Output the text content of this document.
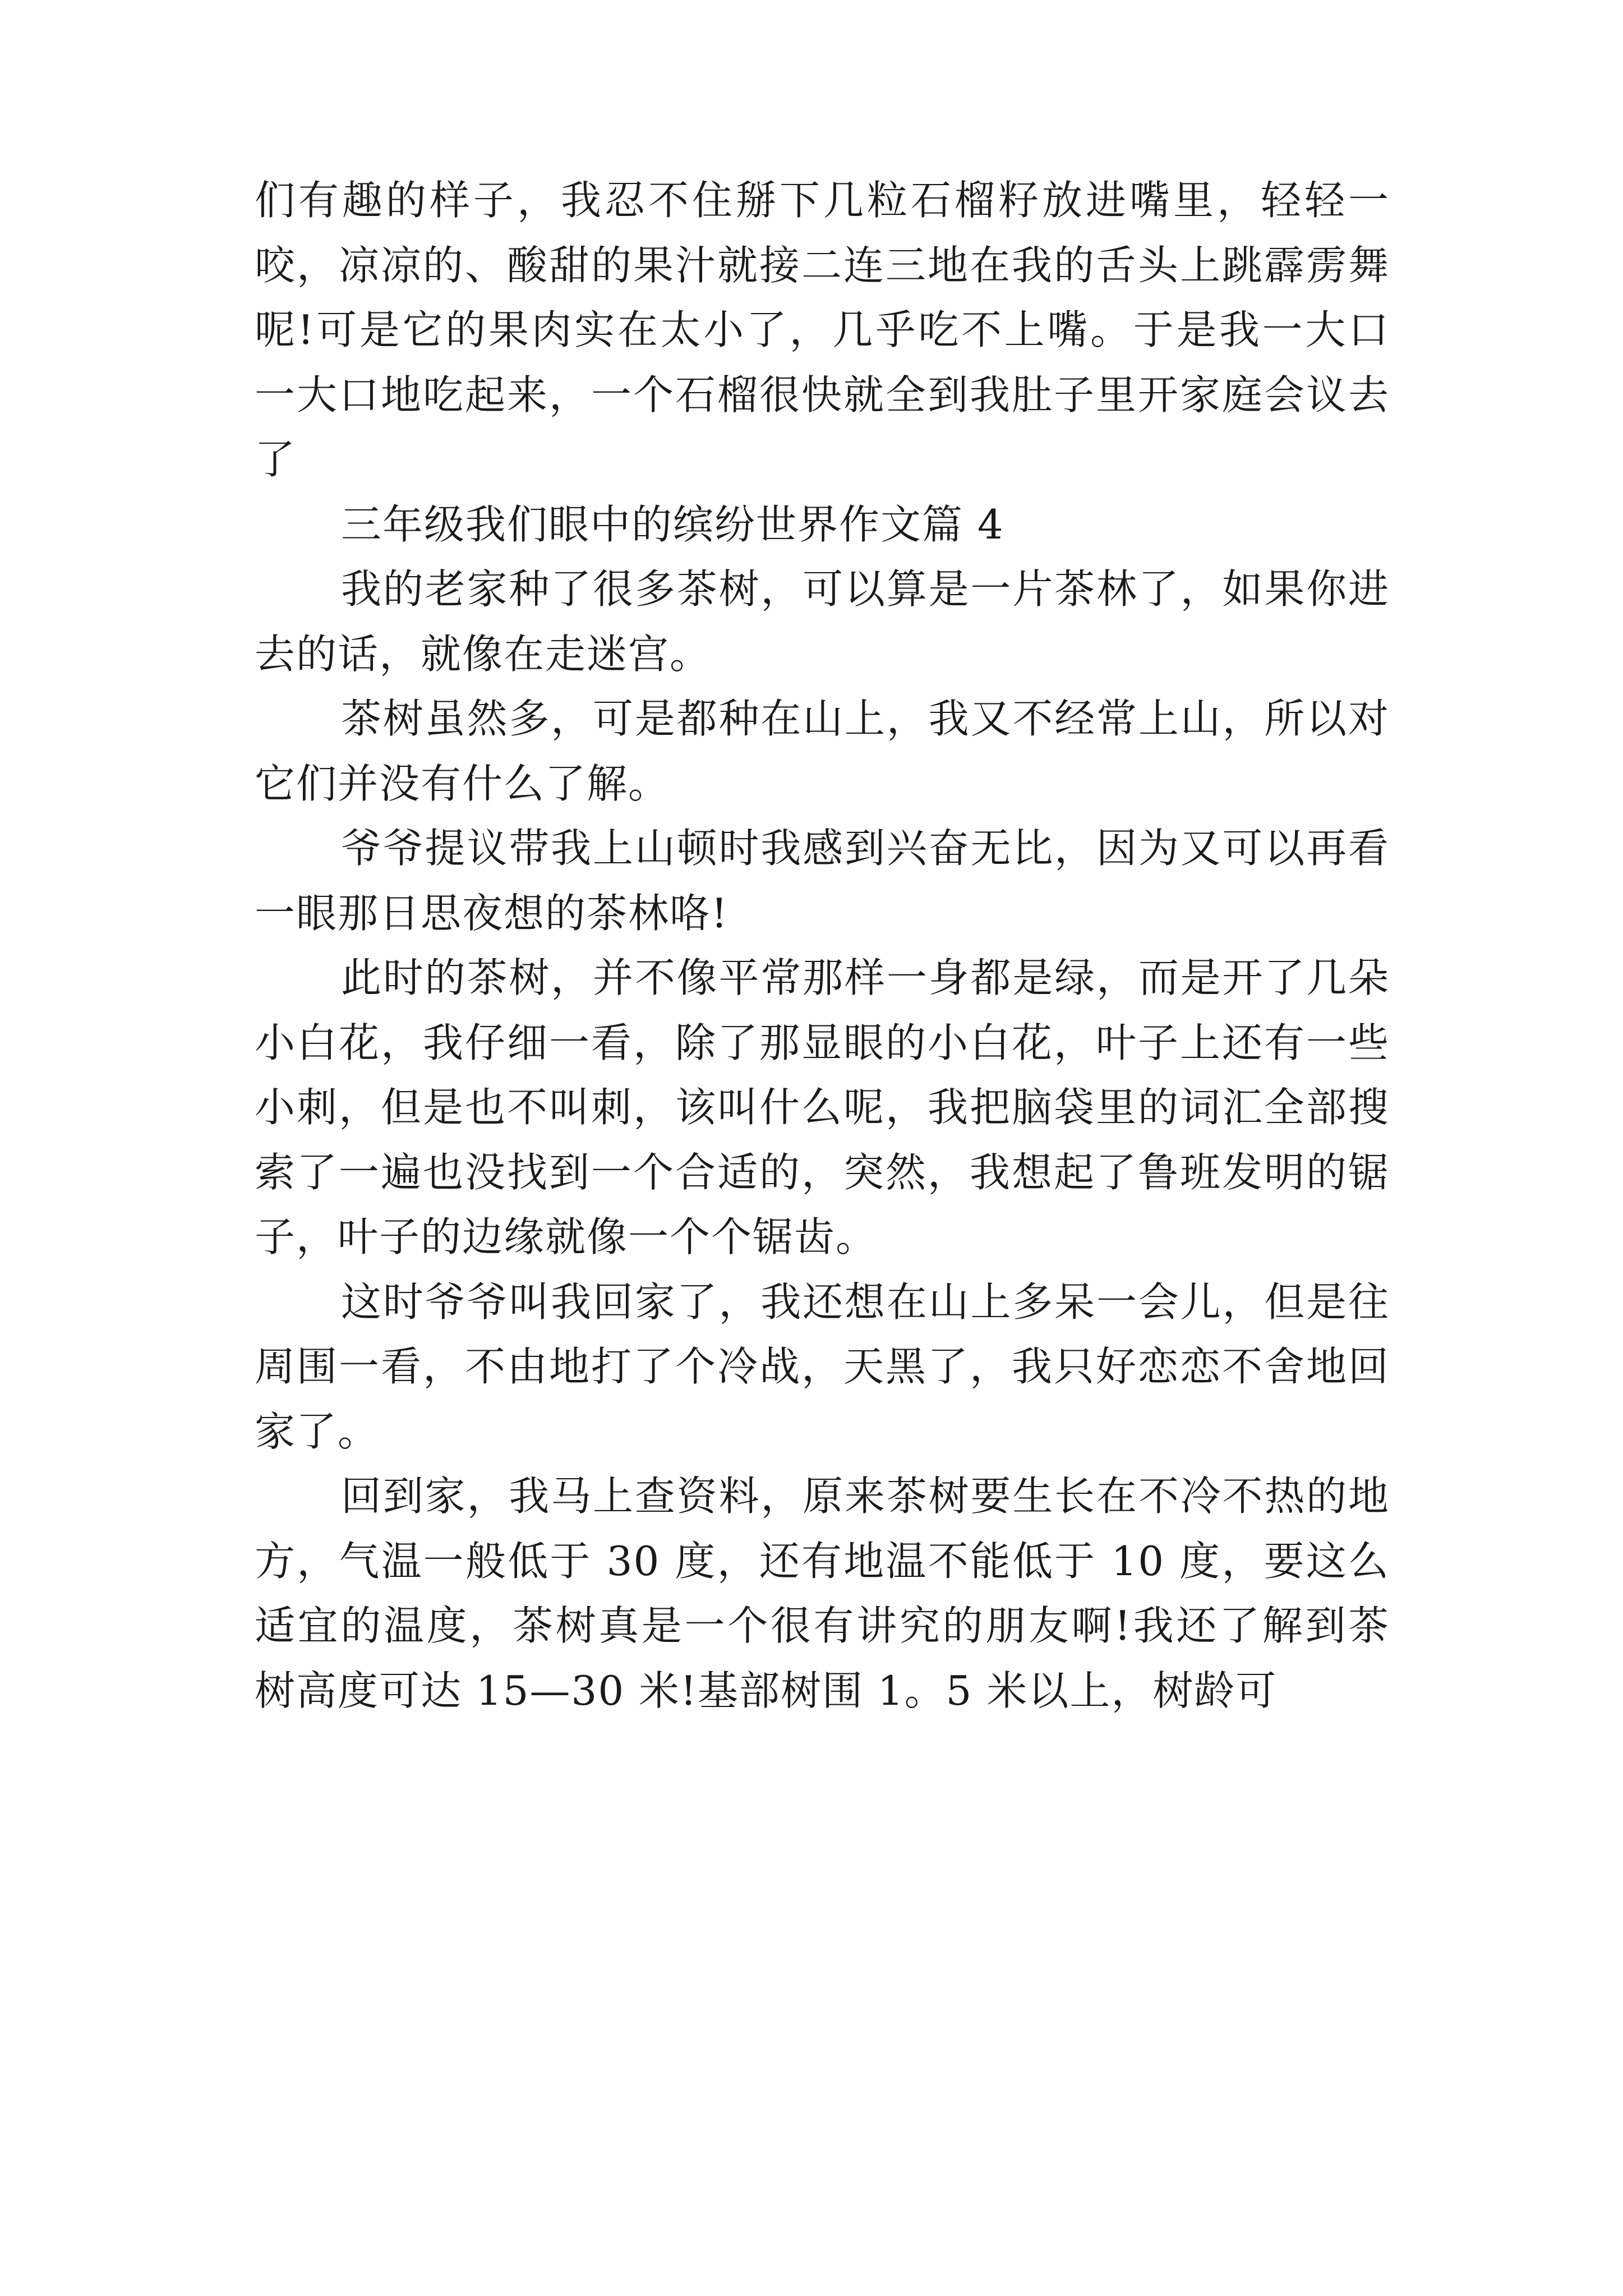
们有趣的样子，我忍不住掰下几粒石榴籽放进嘴里，轻轻一咬，凉凉的、酸甜的果汁就接二连三地在我的舌头上跳霹雳舞呢!可是它的果肉实在太小了，几乎吃不上嘴。于是我一大口一大口地吃起来，一个石榴很快就全到我肚子里开家庭会议去了

三年级我们眼中的缤纷世界作文篇 4

我的老家种了很多茶树，可以算是一片茶林了，如果你进去的话，就像在走迷宫。

茶树虽然多，可是都种在山上，我又不经常上山，所以对它们并没有什么了解。

爷爷提议带我上山顿时我感到兴奋无比，因为又可以再看一眼那日思夜想的茶林咯!

此时的茶树，并不像平常那样一身都是绿，而是开了几朵小白花，我仔细一看，除了那显眼的小白花，叶子上还有一些小刺，但是也不叫刺，该叫什么呢，我把脑袋里的词汇全部搜索了一遍也没找到一个合适的，突然，我想起了鲁班发明的锯子，叶子的边缘就像一个个锯齿。

这时爷爷叫我回家了，我还想在山上多呆一会儿，但是往周围一看，不由地打了个冷战，天黑了，我只好恋恋不舍地回家了。

回到家，我马上查资料，原来茶树要生长在不冷不热的地方，气温一般低于 30 度，还有地温不能低于 10 度，要这么适宜的温度，茶树真是一个很有讲究的朋友啊!我还了解到茶树高度可达 15—30 米!基部树围 1。5 米以上，树龄可
